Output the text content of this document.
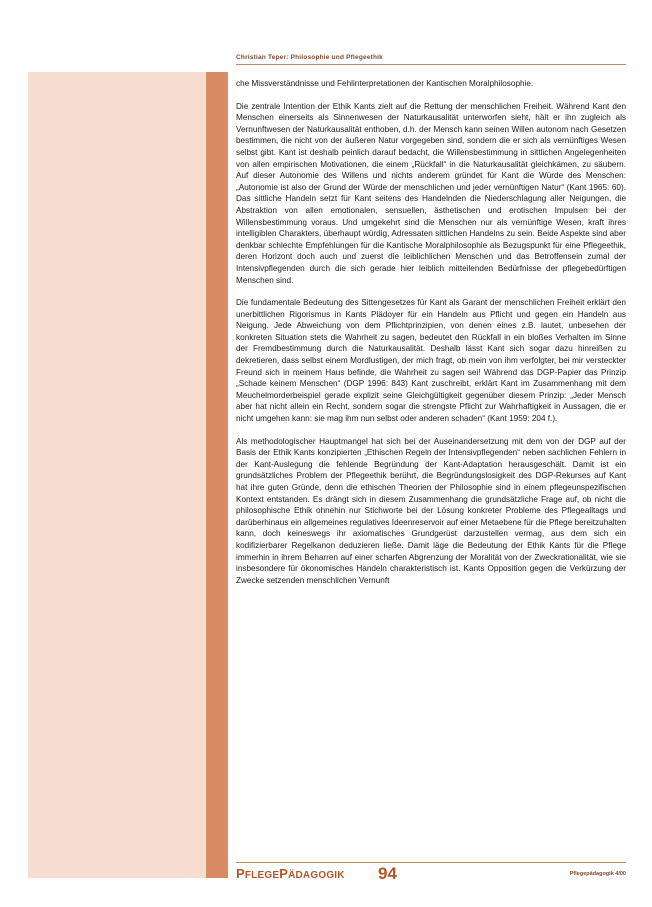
Christian Teper: Philosophie und Pflegeethik

che Missverständnisse und Fehlinterpretationen der Kantischen Moralphilosophie.

Die zentrale Intention der Ethik Kants zielt auf die Rettung der menschlichen Freiheit. Während Kant den Menschen einerseits als Sinnenwesen der Naturkausalität unterworfen sieht, hält er ihn zugleich als Vernunftwesen der Naturkausalität enthoben, d.h. der Mensch kann seinen Willen autonom nach Gesetzen bestimmen, die nicht von der äußeren Natur vorgegeben sind, sondern die er sich als vernünftiges Wesen selbst gibt. Kant ist deshalb peinlich darauf bedacht, die Willensbestimmung in sittlichen Angelegenheiten von allen empirischen Motivationen, die einem „Rückfall“ in die Naturkausalität gleichkämen, zu säubern. Auf dieser Autonomie des Willens und nichts anderem gründet für Kant die Würde des Menschen: „Autonomie ist also der Grund der Würde der menschlichen und jeder vernünftigen Natur“ (Kant 1965: 60). Das sittliche Handeln setzt für Kant seitens des Handelnden die Niederschlagung aller Neigungen, die Abstraktion von allen emotionalen, sensuellen, ästhetischen und erotischen Impulsen bei der Willensbestimmung voraus. Und umgekehrt sind die Menschen nur als vernünftige Wesen, kraft ihres intelligiblen Charakters, überhaupt würdig, Adressaten sittlichen Handelns zu sein. Beide Aspekte sind aber denkbar schlechte Empfehlungen für die Kantische Moralphilosophie als Bezugspunkt für eine Pflegeethik, deren Horizont doch auch und zuerst die leiblichlichen Menschen und das Betroffensein zumal der Intensivpflegenden durch die sich gerade hier leiblich mitteilenden Bedürfnisse der pflegebedürftigen Menschen sind.

Die fundamentale Bedeutung des Sittengesetzes für Kant als Garant der menschlichen Freiheit erklärt den unerbittlichen Rigorismus in Kants Plädoyer für ein Handeln aus Pflicht und gegen ein Handeln aus Neigung. Jede Abweichung von dem Pflichtprinzipien, von denen eines z.B. lautet, unbesehen der konkreten Situation stets die Wahrheit zu sagen, bedeutet den Rückfall in ein bloßes Verhalten im Sinne der Fremdbestimmung durch die Naturkausalität. Deshalb lässt Kant sich sogar dazu hinreißen zu dekretieren, dass selbst einem Mordlustigen, der mich fragt, ob mein von ihm verfolgter, bei mir versteckter Freund sich in meinem Haus befinde, die Wahrheit zu sagen sei! Während das DGP-Papier das Prinzip „Schade keinem Menschen“ (DGP 1996: 843) Kant zuschreibt, erklärt Kant im Zusammenhang mit dem Meuchelmorderbeispiel gerade explizit seine Gleichgültigkeit gegenüber diesem Prinzip: „Jeder Mensch aber hat nicht allein ein Recht, sondern sogar die strengste Pflicht zur Wahrhaftigkeit in Aussagen, die er nicht umgehen kann: sie mag ihm nun selbst oder anderen schaden“ (Kant 1959: 204 f.).

Als methodologischer Hauptmangel hat sich bei der Auseinandersetzung mit dem von der DGP auf der Basis der Ethik Kants konzipierten „Ethischen Regeln der Intensivpflegenden“ neben sachlichen Fehlern in der Kant-Auslegung die fehlende Begründung der Kant-Adaptation herausgeschält. Damit ist ein grundsätzliches Problem der Pflegeethik berührt, die Begründungslosigkeit des DGP-Rekurses auf Kant hat ihre guten Gründe, denn die ethischen Theorien der Philosophie sind in einem pflegeunspezifischen Kontext entstanden. Es drängt sich in diesem Zusammenhang die grundsätzliche Frage auf, ob nicht die philosophische Ethik ohnehin nur Stichworte bei der Lösung konkreter Probleme des Pflegealltags und darüberhinaus ein allgemeines regulatives Ideenreservoir auf einer Metaebene für die Pflege bereitzuhalten kann, doch keineswegs ihr axiomatisches Grundgerüst darzustellen vermag, aus dem sich ein kodifizierbarer Regelkanon deduzieren ließe. Damit läge die Bedeutung der Ethik Kants für die Pflege immerhin in ihrem Beharren auf einer scharfen Abgrenzung der Moralität von der Zweckrationalität, wie sie insbesondere für ökonomisches Handeln charakteristisch ist. Kants Opposition gegen die Verkürzung der Zwecke setzenden menschlichen Vernunft

PFLEGEPÄDAGOGIK 94	Pflegepädagogik 4/00
